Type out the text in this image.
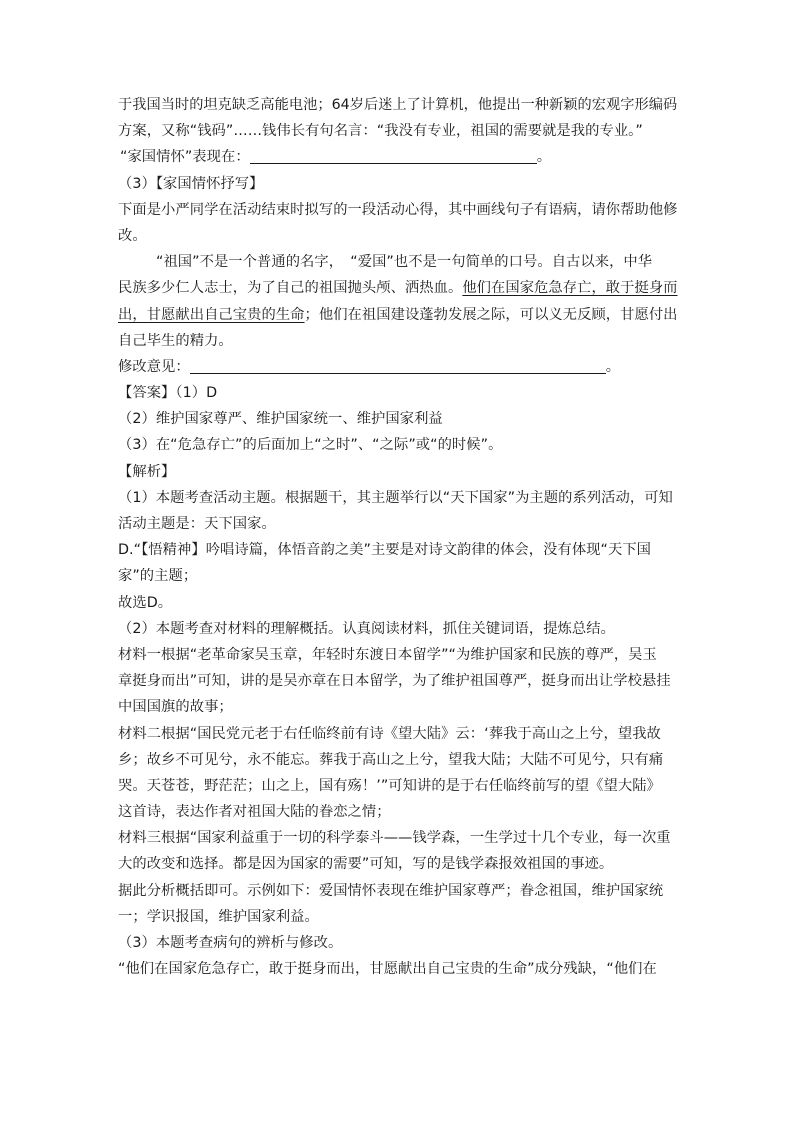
于我国当时的坦克缺乏高能电池；64岁后迷上了计算机，他提出一种新颖的宏观字形编码
方案，又称“钱码”……钱伟长有句名言：“我没有专业，祖国的需要就是我的专业。”
“家国情怀”表现在：	。
（3）【家国情怀抒写】
下面是小严同学在活动结束时拟写的一段活动心得，其中画线句子有语病，请你帮助他修
改。
“祖国”不是一个普通的名字，　“爱国”也不是一句简单的口号。自古以来，中华
民族多少仁人志士，为了自己的祖国抛头颅、洒热血。他们在国家危急存亡，敢于挺身而
出，甘愿献出自己宝贵的生命；他们在祖国建设蓬勃发展之际，可以义无反顾，甘愿付出
自己毕生的精力。
修改意见：	。
【答案】（1）D
（2）维护国家尊严、维护国家统一、维护国家利益
（3）在“危急存亡”的后面加上“之时”、“之际”或“的时候”。
【解析】
（1）本题考查活动主题。根据题干，其主题举行以“天下国家”为主题的系列活动，可知
活动主题是：天下国家。
D.“【悟精神】吟唱诗篇，体悟音韵之美”主要是对诗文韵律的体会，没有体现“天下国
家”的主题；
故选D。
（2）本题考查对材料的理解概括。认真阅读材料，抓住关键词语，提炼总结。
材料一根据“老革命家吴玉章，年轻时东渡日本留学”“为维护国家和民族的尊严，吴玉
章挺身而出”可知，讲的是吴亦章在日本留学，为了维护祖国尊严，挺身而出让学校悬挂
中国国旗的故事；
材料二根据“国民党元老于右任临终前有诗《望大陆》云：‘葬我于高山之上兮，望我故
乡；故乡不可见兮，永不能忘。葬我于高山之上兮，望我大陆；大陆不可见兮，只有痛
哭。天苍苍，野茫茫；山之上，国有殇！’”可知讲的是于右任临终前写的望《望大陆》
这首诗，表达作者对祖国大陆的眷恋之情；
材料三根据“国家利益重于一切的科学泰斗——钱学森，一生学过十几个专业，每一次重
大的改变和选择。都是因为国家的需要”可知，写的是钱学森报效祖国的事迹。
据此分析概括即可。示例如下：爱国情怀表现在维护国家尊严；眷念祖国，维护国家统
一；学识报国，维护国家利益。
（3）本题考查病句的辨析与修改。
“他们在国家危急存亡，敢于挺身而出，甘愿献出自己宝贵的生命”成分残缺，“他们在
